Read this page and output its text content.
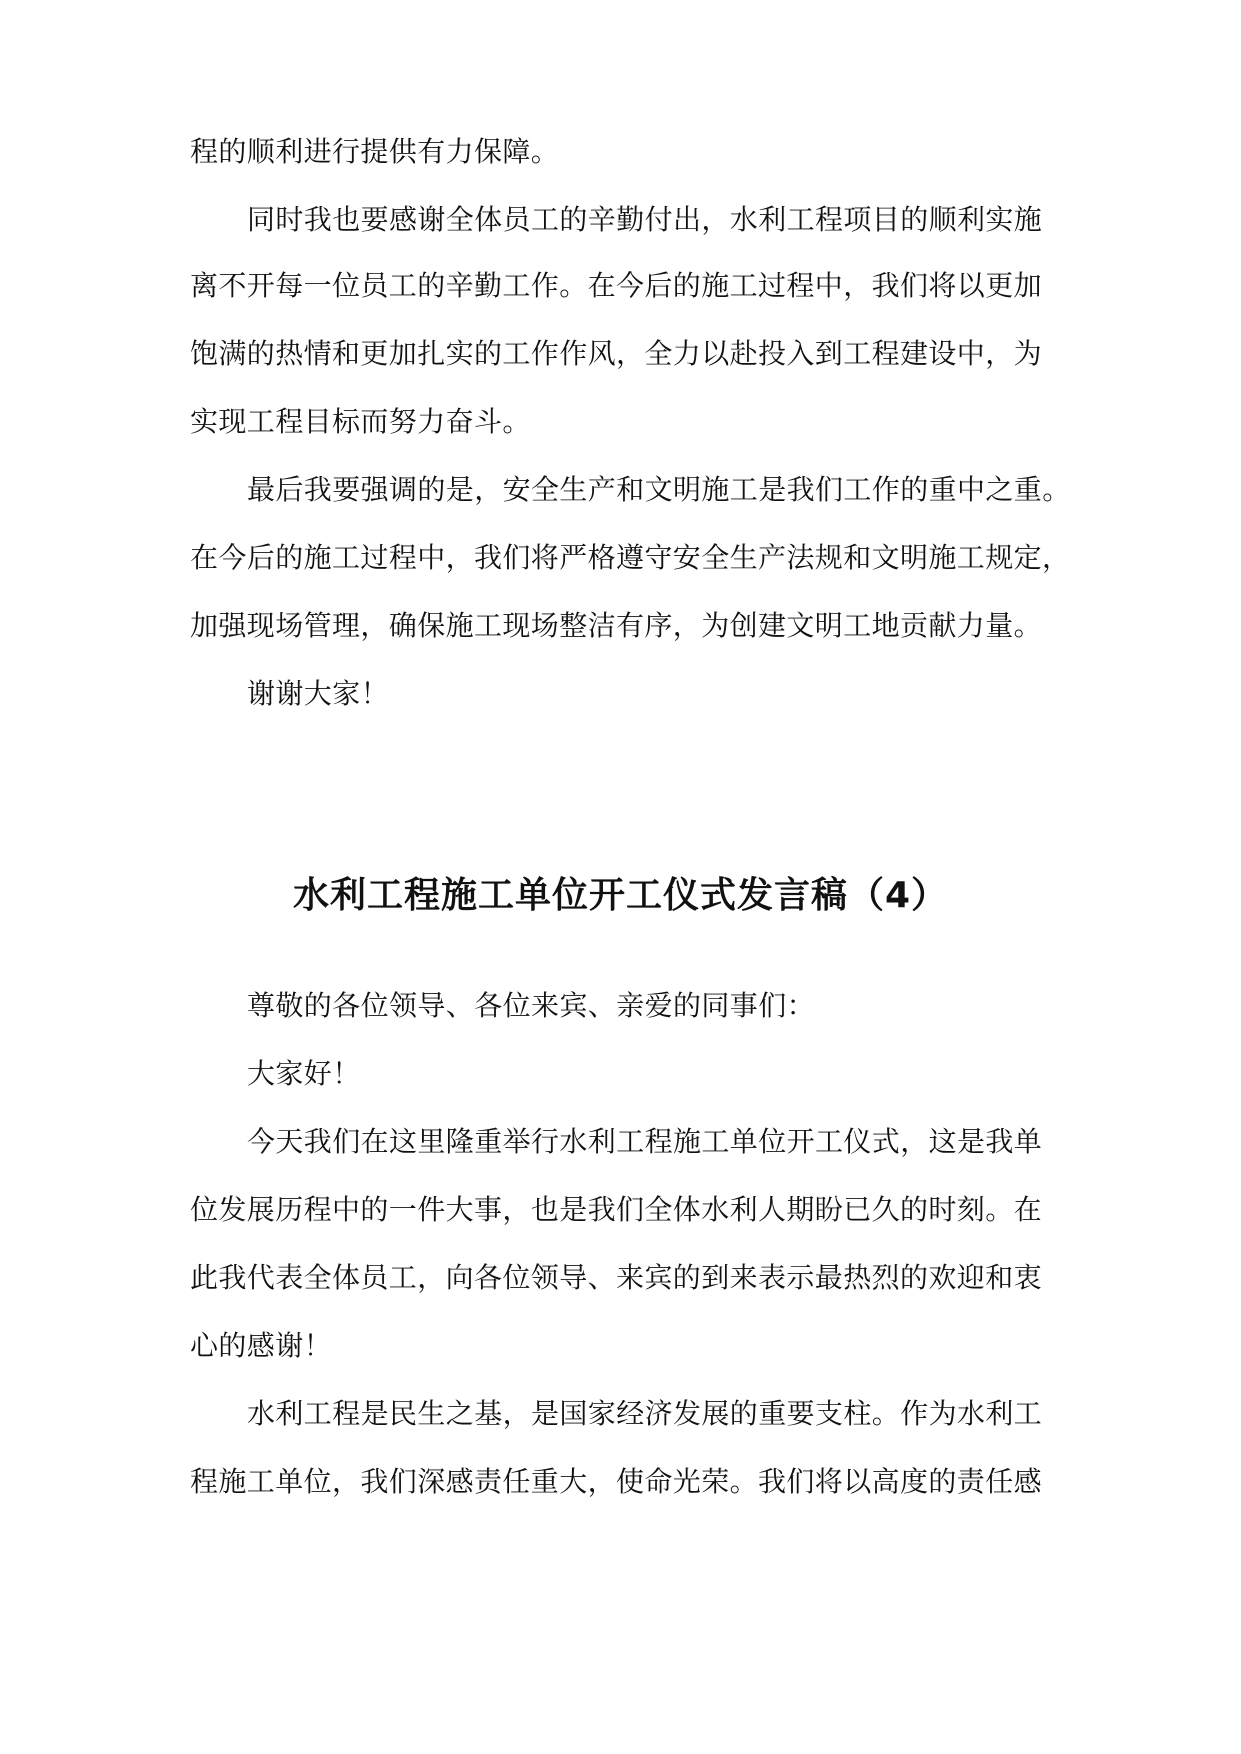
程的顺利进行提供有力保障。
同时我也要感谢全体员工的辛勤付出，水利工程项目的顺利实施
离不开每一位员工的辛勤工作。在今后的施工过程中，我们将以更加
饱满的热情和更加扎实的工作作风，全力以赴投入到工程建设中，为
实现工程目标而努力奋斗。
最后我要强调的是，安全生产和文明施工是我们工作的重中之重。
在今后的施工过程中，我们将严格遵守安全生产法规和文明施工规定，
加强现场管理，确保施工现场整洁有序，为创建文明工地贡献力量。
谢谢大家！
水利工程施工单位开工仪式发言稿（4）
尊敬的各位领导、各位来宾、亲爱的同事们：
大家好！
今天我们在这里隆重举行水利工程施工单位开工仪式，这是我单
位发展历程中的一件大事，也是我们全体水利人期盼已久的时刻。在
此我代表全体员工，向各位领导、来宾的到来表示最热烈的欢迎和衷
心的感谢！
水利工程是民生之基，是国家经济发展的重要支柱。作为水利工
程施工单位，我们深感责任重大，使命光荣。我们将以高度的责任感
